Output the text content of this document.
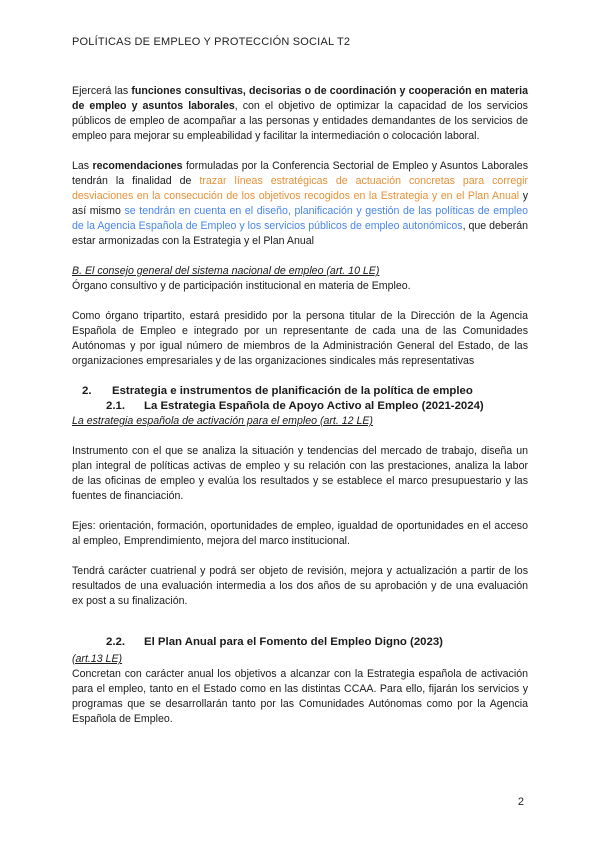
POLÍTICAS DE EMPLEO Y PROTECCIÓN SOCIAL T2

Ejercerá las funciones consultivas, decisorias o de coordinación y cooperación en materia de empleo y asuntos laborales, con el objetivo de optimizar la capacidad de los servicios públicos de empleo de acompañar a las personas y entidades demandantes de los servicios de empleo para mejorar su empleabilidad y facilitar la intermediación o colocación laboral.

Las recomendaciones formuladas por la Conferencia Sectorial de Empleo y Asuntos Laborales tendrán la finalidad de trazar líneas estratégicas de actuación concretas para corregir desviaciones en la consecución de los objetivos recogidos en la Estrategia y en el Plan Anual y así mismo se tendrán en cuenta en el diseño, planificación y gestión de las políticas de empleo de la Agencia Española de Empleo y los servicios públicos de empleo autonómicos, que deberán estar armonizadas con la Estrategia y el Plan Anual

B. El consejo general del sistema nacional de empleo (art. 10 LE)

Órgano consultivo y de participación institucional en materia de Empleo.

Como órgano tripartito, estará presidido por la persona titular de la Dirección de la Agencia Española de Empleo e integrado por un representante de cada una de las Comunidades Autónomas y por igual número de miembros de la Administración General del Estado, de las organizaciones empresariales y de las organizaciones sindicales más representativas

2.	Estrategia e instrumentos de planificación de la política de empleo
2.1.	La Estrategia Española de Apoyo Activo al Empleo (2021-2024)

La estrategia española de activación para el empleo (art. 12 LE)

Instrumento con el que se analiza la situación y tendencias del mercado de trabajo, diseña un plan integral de políticas activas de empleo y su relación con las prestaciones, analiza la labor de las oficinas de empleo y evalúa los resultados y se establece el marco presupuestario y las fuentes de financiación.

Ejes: orientación, formación, oportunidades de empleo, igualdad de oportunidades en el acceso al empleo, Emprendimiento, mejora del marco institucional.

Tendrá carácter cuatrienal y podrá ser objeto de revisión, mejora y actualización a partir de los resultados de una evaluación intermedia a los dos años de su aprobación y de una evaluación ex post a su finalización.

2.2.	El Plan Anual para el Fomento del Empleo Digno (2023)
(art.13 LE)

Concretan con carácter anual los objetivos a alcanzar con la Estrategia española de activación para el empleo, tanto en el Estado como en las distintas CCAA. Para ello, fijarán los servicios y programas que se desarrollarán tanto por las Comunidades Autónomas como por la Agencia Española de Empleo.

2
